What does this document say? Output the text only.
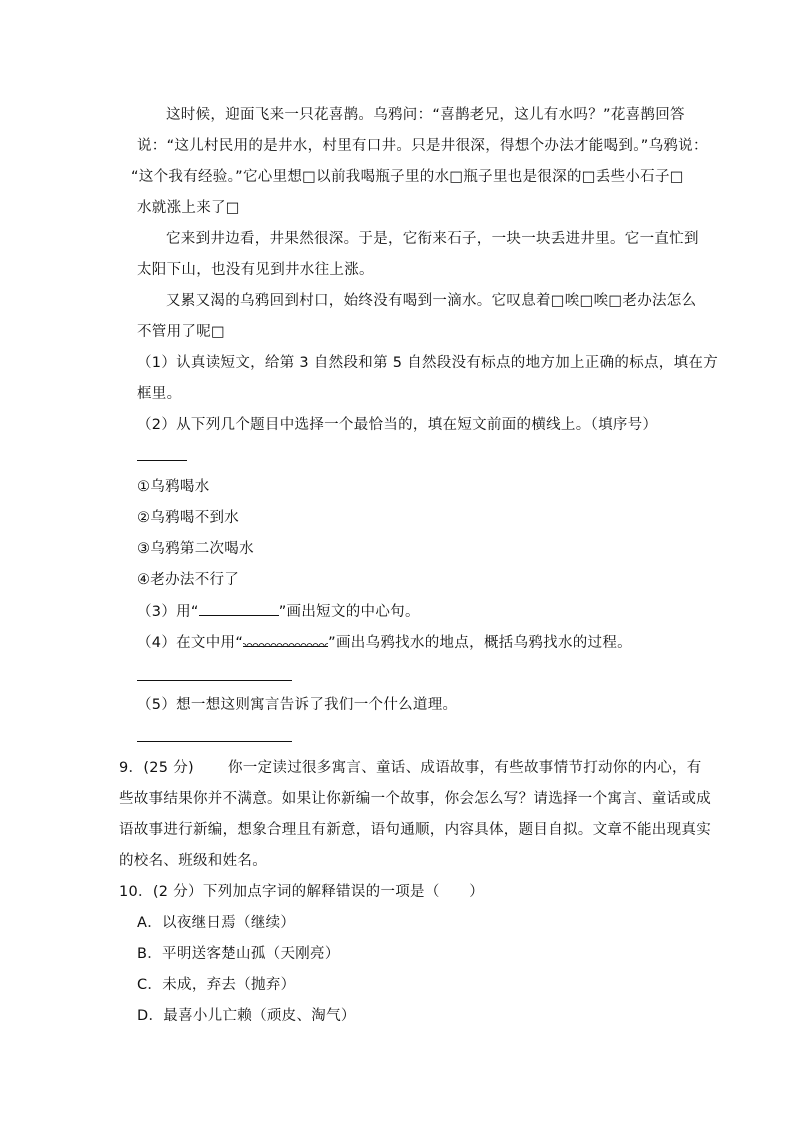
这时候，迎面飞来一只花喜鹊。乌鸦问：“喜鹊老兄，这儿有水吗？”花喜鹊回答
说：“这儿村民用的是井水，村里有口井。只是井很深，得想个办法才能喝到。”乌鸦说：
“这个我有经验。”它心里想□以前我喝瓶子里的水□瓶子里也是很深的□丢些小石子□
水就涨上来了□
它来到井边看，井果然很深。于是，它衔来石子，一块一块丢进井里。它一直忙到
太阳下山，也没有见到井水往上涨。
又累又渴的乌鸦回到村口，始终没有喝到一滴水。它叹息着□唉□唉□老办法怎么
不管用了呢□
（1）认真读短文，给第 3 自然段和第 5 自然段没有标点的地方加上正确的标点，填在方
框里。
（2）从下列几个题目中选择一个最恰当的，填在短文前面的横线上。（填序号）
①乌鸦喝水
②乌鸦喝不到水
③乌鸦第二次喝水
④老办法不行了
（3）用“	”画出短文的中心句。
（4）在文中用“	”画出乌鸦找水的地点，概括乌鸦找水的过程。
（5）想一想这则寓言告诉了我们一个什么道理。
9．(25 分) 你一定读过很多寓言、童话、成语故事，有些故事情节打动你的内心，有
些故事结果你并不满意。如果让你新编一个故事，你会怎么写？请选择一个寓言、童话或成
语故事进行新编，想象合理且有新意，语句通顺，内容具体，题目自拟。文章不能出现真实
的校名、班级和姓名。
10．(2 分）下列加点字词的解释错误的一项是（　　）
A．以夜继日焉（继续）
B．平明送客楚山孤（天刚亮）
C．未成，弃去（抛弃）
D．最喜小儿亡赖（顽皮、淘气）
